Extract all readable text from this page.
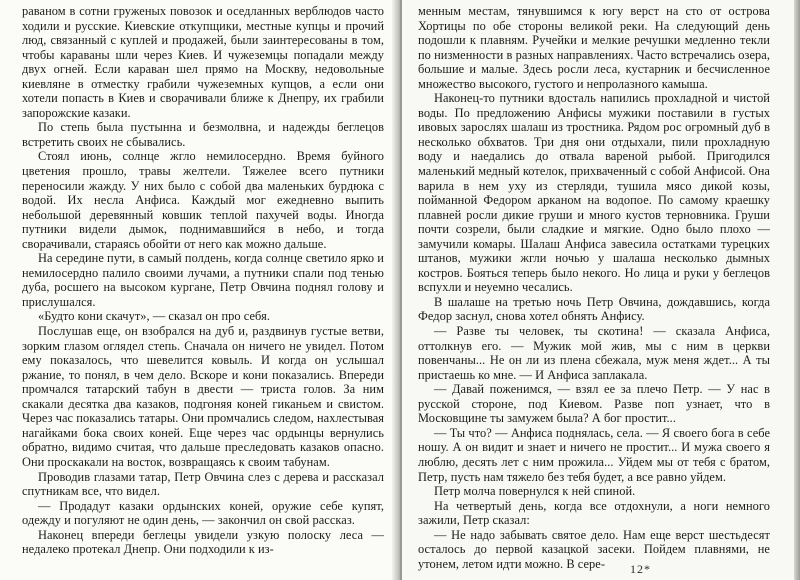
раваном в сотни груженых повозок и оседланных верблюдов часто ходили и русские. Киевские откупщики, местные купцы и прочий люд, связанный с куплей и продажей, были заинтересованы в том, чтобы караваны шли через Киев. И чужеземцы попадали между двух огней. Если караван шел прямо на Москву, недовольные киевляне в отместку грабили чужеземных купцов, а если они хотели попасть в Киев и сворачивали ближе к Днепру, их грабили запорожские казаки.

По степь была пустынна и безмолвна, и надежды беглецов встретить своих не сбывались.

Стоял июнь, солнце жгло немилосердно. Время буйного цветения прошло, травы желтели. Тяжелее всего путники переносили жажду. У них было с собой два маленьких бурдюка с водой. Их несла Анфиса. Каждый мог ежедневно выпить небольшой деревянный ковшик теплой пахучей воды. Иногда путники видели дымок, поднимавшийся в небо, и тогда сворачивали, стараясь обойти от него как можно дальше.

На середине пути, в самый полдень, когда солнце светило ярко и немилосердно палило своими лучами, а путники спали под тенью дуба, росшего на высоком кургане, Петр Овчина поднял голову и прислушался.

«Будто кони скачут», — сказал он про себя.

Послушав еще, он взобрался на дуб и, раздвинув густые ветви, зорким глазом оглядел степь. Сначала он ничего не увидел. Потом ему показалось, что шевелится ковыль. И когда он услышал ржание, то понял, в чем дело. Вскоре и кони показались. Впереди промчался татарский табун в двести — триста голов. За ним скакали десятка два казаков, подгоняя коней гиканьем и свистом. Через час показались татары. Они промчались следом, нахлестывая нагайками бока своих коней. Еще через час ордынцы вернулись обратно, видимо считая, что дальше преследовать казаков опасно. Они проскакали на восток, возвращаясь к своим табунам.

Проводив глазами татар, Петр Овчина слез с дерева и рассказал спутникам все, что видел.

— Продадут казаки ордынских коней, оружие себе купят, одежду и погуляют не один день, — закончил он свой рассказ.

Наконец впереди беглецы увидели узкую полоску леса — недалеко протекал Днепр. Они подходили к из-

менным местам, тянувшимся к югу верст на сто от острова Хортицы по обе стороны великой реки. На следующий день подошли к плавням. Ручейки и мелкие речушки медленно текли по низменности в разных направлениях. Часто встречались озера, большие и малые. Здесь росли леса, кустарник и бесчисленное множество высокого, густого и непролазного камыша.

Наконец-то путники вдосталь напились прохладной и чистой воды. По предложению Анфисы мужики поставили в густых ивовых зарослях шалаш из тростника. Рядом рос огромный дуб в несколько обхватов. Три дня они отдыхали, пили прохладную воду и наедались до отвала вареной рыбой. Пригодился маленький медный котелок, прихваченный с собой Анфисой. Она варила в нем уху из стерляди, тушила мясо дикой козы, пойманной Федором арканом на водопое. По самому краешку плавней росли дикие груши и много кустов терновника. Груши почти созрели, были сладкие и мягкие. Одно было плохо — замучили комары. Шалаш Анфиса завесила остатками турецких штанов, мужики жгли ночью у шалаша несколько дымных костров. Бояться теперь было некого. Но лица и руки у беглецов вспухли и неуемно чесались.

В шалаше на третью ночь Петр Овчина, дождавшись, когда Федор заснул, снова хотел обнять Анфису.

— Разве ты человек, ты скотина! — сказала Анфиса, оттолкнув его. — Мужик мой жив, мы с ним в церкви повенчаны... Не он ли из плена сбежала, муж меня ждет... А ты пристаешь ко мне. — И Анфиса заплакала.

— Давай поженимся, — взял ее за плечо Петр. — У нас в русской стороне, под Киевом. Разве поп узнает, что в Московщине ты замужем была? А бог простит...

— Ты что? — Анфиса поднялась, села. — Я своего бога в себе ношу. А он видит и знает и ничего не простит... И мужа своего я люблю, десять лет с ним прожила... Уйдем мы от тебя с братом, Петр, пусть нам тяжело без тебя будет, а все равно уйдем.

Петр молча повернулся к ней спиной.

На четвертый день, когда все отдохнули, а ноги немного зажили, Петр сказал:

— Не надо забывать святое дело. Нам еще верст шестьдесят осталось до первой казацкой засеки. Пойдем плавнями, не утонем, летом идти можно. В сере-	12*
